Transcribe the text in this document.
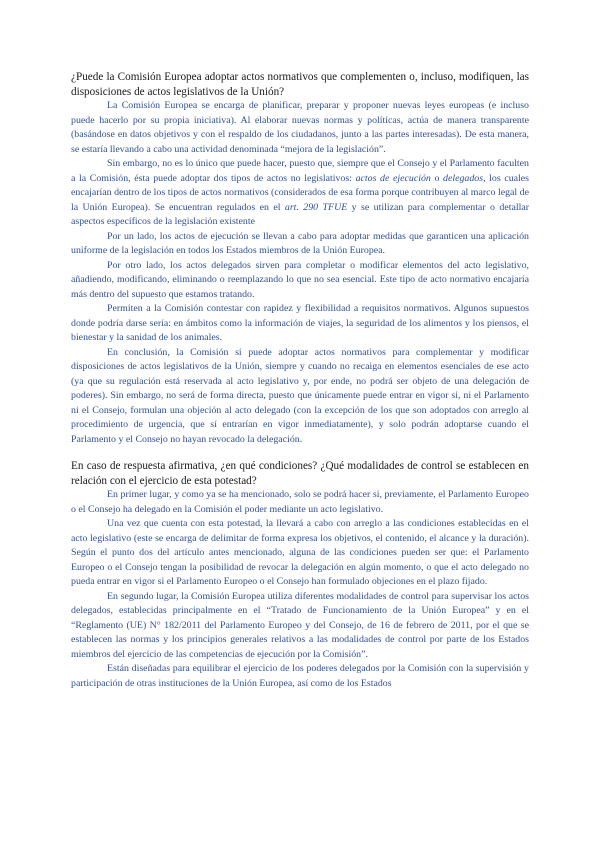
¿Puede la Comisión Europea adoptar actos normativos que complementen o, incluso, modifiquen, las disposiciones de actos legislativos de la Unión?

La Comisión Europea se encarga de planificar, preparar y proponer nuevas leyes europeas (e incluso puede hacerlo por su propia iniciativa). Al elaborar nuevas normas y políticas, actúa de manera transparente (basándose en datos objetivos y con el respaldo de los ciudadanos, junto a las partes interesadas). De esta manera, se estaría llevando a cabo una actividad denominada “mejora de la legislación”.

Sin embargo, no es lo único que puede hacer, puesto que, siempre que el Consejo y el Parlamento faculten a la Comisión, ésta puede adoptar dos tipos de actos no legislativos: actos de ejecución o delegados, los cuales encajarían dentro de los tipos de actos normativos (considerados de esa forma porque contribuyen al marco legal de la Unión Europea). Se encuentran regulados en el art. 290 TFUE y se utilizan para complementar o detallar aspectos específicos de la legislación existente

Por un lado, los actos de ejecución se llevan a cabo para adoptar medidas que garanticen una aplicación uniforme de la legislación en todos los Estados miembros de la Unión Europea.

Por otro lado, los actos delegados sirven para completar o modificar elementos del acto legislativo, añadiendo, modificando, eliminando o reemplazando lo que no sea esencial. Este tipo de acto normativo encajaría más dentro del supuesto que estamos tratando.

Permiten a la Comisión contestar con rapidez y flexibilidad a requisitos normativos. Algunos supuestos donde podría darse sería: en ámbitos como la información de viajes, la seguridad de los alimentos y los piensos, el bienestar y la sanidad de los animales.

En conclusión, la Comisión sí puede adoptar actos normativos para complementar y modificar disposiciones de actos legislativos de la Unión, siempre y cuando no recaiga en elementos esenciales de ese acto (ya que su regulación está reservada al acto legislativo y, por ende, no podrá ser objeto de una delegación de poderes). Sin embargo, no será de forma directa, puesto que únicamente puede entrar en vigor si, ni el Parlamento ni el Consejo, formulan una objeción al acto delegado (con la excepción de los que son adoptados con arreglo al procedimiento de urgencia, que sí entrarían en vigor inmediatamente), y solo podrán adoptarse cuando el Parlamento y el Consejo no hayan revocado la delegación.

En caso de respuesta afirmativa, ¿en qué condiciones? ¿Qué modalidades de control se establecen en relación con el ejercicio de esta potestad?

En primer lugar, y como ya se ha mencionado, solo se podrá hacer si, previamente, el Parlamento Europeo o el Consejo ha delegado en la Comisión el poder mediante un acto legislativo.

Una vez que cuenta con esta potestad, la llevará a cabo con arreglo a las condiciones establecidas en el acto legislativo (este se encarga de delimitar de forma expresa los objetivos, el contenido, el alcance y la duración). Según el punto dos del artículo antes mencionado, alguna de las condiciones pueden ser que: el Parlamento Europeo o el Consejo tengan la posibilidad de revocar la delegación en algún momento, o que el acto delegado no pueda entrar en vigor si el Parlamento Europeo o el Consejo han formulado objeciones en el plazo fijado.

En segundo lugar, la Comisión Europea utiliza diferentes modalidades de control para supervisar los actos delegados, establecidas principalmente en el “Tratado de Funcionamiento de la Unión Europea” y en el “Reglamento (UE) N° 182/2011 del Parlamento Europeo y del Consejo, de 16 de febrero de 2011, por el que se establecen las normas y los principios generales relativos a las modalidades de control por parte de los Estados miembros del ejercicio de las competencias de ejecución por la Comisión”.

Están diseñadas para equilibrar el ejercicio de los poderes delegados por la Comisión con la supervisión y participación de otras instituciones de la Unión Europea, así como de los Estados
